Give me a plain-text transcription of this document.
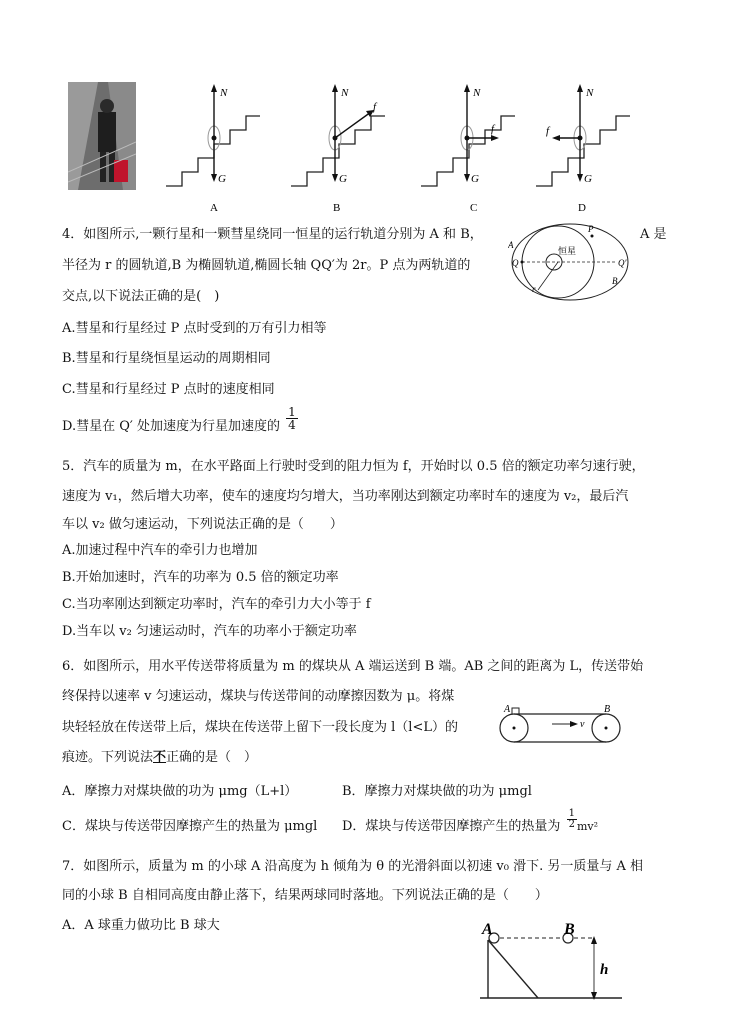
N
G
A
N
f
G
B
N
f
G
C
N
f
G
D
4．如图所示,一颗行星和一颗彗星绕同一恒星的运行轨道分别为 A 和 B，	A 是
半径为 r 的圆轨道,B 为椭圆轨道,椭圆长轴 QQ′为 2r。P 点为两轨道的
交点,以下说法正确的是(　)
A.彗星和行星经过 P 点时受到的万有引力相等
B.彗星和行星绕恒星运动的周期相同
C.彗星和行星经过 P 点时的速度相同
D.彗星在 Q′ 处加速度为行星加速度的 $\frac{1}{4}$
P
A
Q	Q′
B
r
恒星
5．汽车的质量为 m，在水平路面上行驶时受到的阻力恒为 f，开始时以 0.5 倍的额定功率匀速行驶，
速度为 v₁，然后增大功率，使车的速度均匀增大，当功率刚达到额定功率时车的速度为 v₂，最后汽
车以 v₂ 做匀速运动，下列说法正确的是（　　）
A.加速过程中汽车的牵引力也增加
B.开始加速时，汽车的功率为 0.5 倍的额定功率
C.当功率刚达到额定功率时，汽车的牵引力大小等于 f
D.当车以 v₂ 匀速运动时，汽车的功率小于额定功率
6．如图所示，用水平传送带将质量为 m 的煤块从 A 端运送到 B 端。AB 之间的距离为 L，传送带始
终保持以速率 v 匀速运动，煤块与传送带间的动摩擦因数为 μ。将煤
块轻轻放在传送带上后，煤块在传送带上留下一段长度为 l（l<L）的
痕迹。下列说法不正确的是（　）
A．摩擦力对煤块做的功为 μmg（L+l）	B．摩擦力对煤块做的功为 μmgl
C．煤块与传送带因摩擦产生的热量为 μmgl D．煤块与传送带因摩擦产生的热量为 $\frac{1}{2} mv^2$
A	B
v
7．如图所示，质量为 m 的小球 A 沿高度为 h 倾角为 θ 的光滑斜面以初速 v₀ 滑下. 另一质量与 A 相
同的小球 B 自相同高度由静止落下，结果两球同时落地。下列说法正确的是（　　）
A．A 球重力做功比 B 球大	A	B
h
